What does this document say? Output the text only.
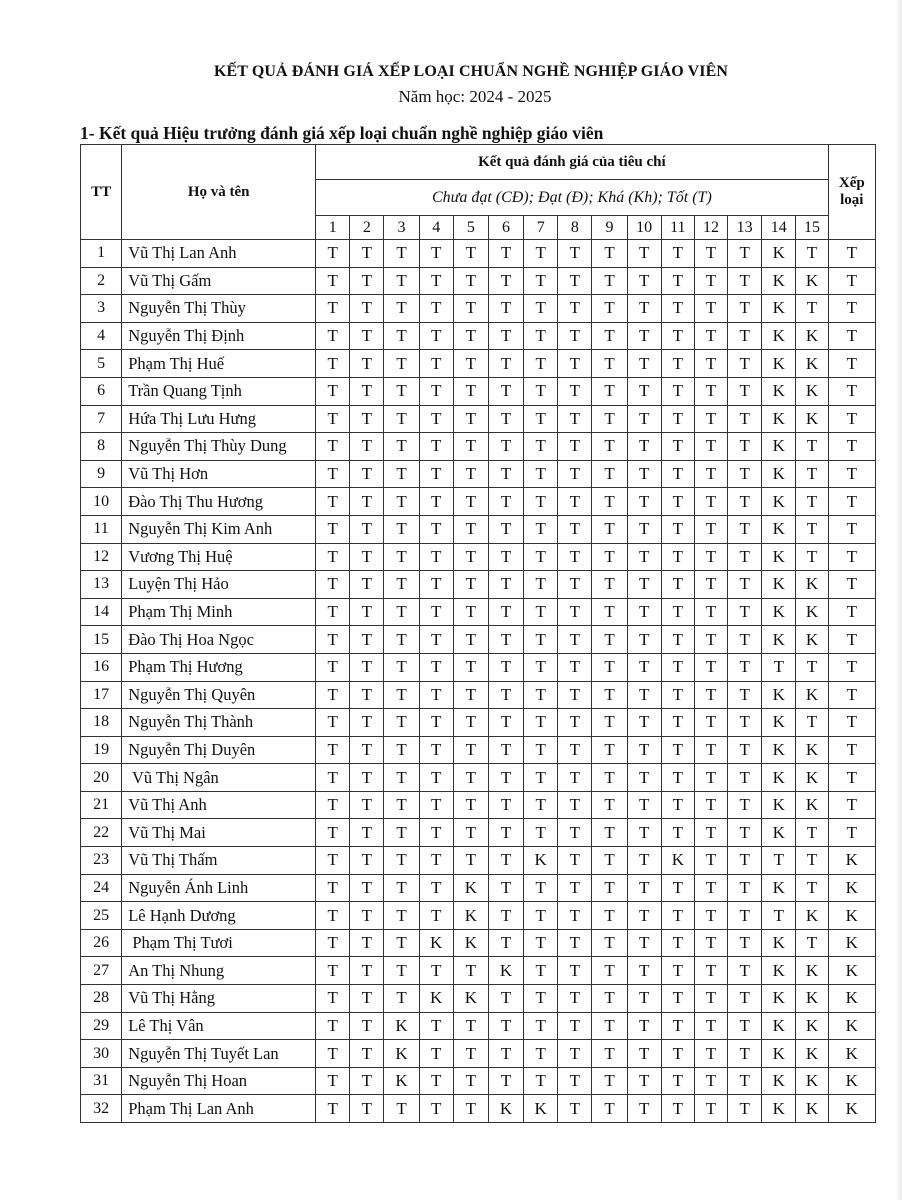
KẾT QUẢ ĐÁNH GIÁ XẾP LOẠI CHUẨN NGHỀ NGHIỆP GIÁO VIÊN
Năm học: 2024 - 2025
1- Kết quả Hiệu trưởng đánh giá xếp loại chuẩn nghề nghiệp giáo viên
TT	Họ và tên	Kết quả đánh giá của tiêu chí															Xếp
loại
		Chưa đạt (CĐ); Đạt (Đ); Khá (Kh); Tốt (T)															
		1	2	3	4	5	6	7	8	9	10	11	12	13	14	15	
1	Vũ Thị Lan Anh	T	T	T	T	T	T	T	T	T	T	T	T	T	K	T	T
2	Vũ Thị Gấm	T	T	T	T	T	T	T	T	T	T	T	T	T	K	K	T
3	Nguyễn Thị Thùy	T	T	T	T	T	T	T	T	T	T	T	T	T	K	T	T
4	Nguyễn Thị Định	T	T	T	T	T	T	T	T	T	T	T	T	T	K	K	T
5	Phạm Thị Huế	T	T	T	T	T	T	T	T	T	T	T	T	T	K	K	T
6	Trần Quang Tịnh	T	T	T	T	T	T	T	T	T	T	T	T	T	K	K	T
7	Hứa Thị Lưu Hưng	T	T	T	T	T	T	T	T	T	T	T	T	T	K	K	T
8	Nguyễn Thị Thùy Dung	T	T	T	T	T	T	T	T	T	T	T	T	T	K	T	T
9	Vũ Thị Hơn	T	T	T	T	T	T	T	T	T	T	T	T	T	K	T	T
10	Đào Thị Thu Hương	T	T	T	T	T	T	T	T	T	T	T	T	T	K	T	T
11	Nguyễn Thị Kim Anh	T	T	T	T	T	T	T	T	T	T	T	T	T	K	T	T
12	Vương Thị Huệ	T	T	T	T	T	T	T	T	T	T	T	T	T	K	T	T
13	Luyện Thị Hảo	T	T	T	T	T	T	T	T	T	T	T	T	T	K	K	T
14	Phạm Thị Minh	T	T	T	T	T	T	T	T	T	T	T	T	T	K	K	T
15	Đào Thị Hoa Ngọc	T	T	T	T	T	T	T	T	T	T	T	T	T	K	K	T
16	Phạm Thị Hương	T	T	T	T	T	T	T	T	T	T	T	T	T	T	T	T
17	Nguyễn Thị Quyên	T	T	T	T	T	T	T	T	T	T	T	T	T	K	K	T
18	Nguyễn Thị Thành	T	T	T	T	T	T	T	T	T	T	T	T	T	K	T	T
19	Nguyễn Thị Duyên	T	T	T	T	T	T	T	T	T	T	T	T	T	K	K	T
20	Vũ Thị Ngân	T	T	T	T	T	T	T	T	T	T	T	T	T	K	K	T
21	Vũ Thị Anh	T	T	T	T	T	T	T	T	T	T	T	T	T	K	K	T
22	Vũ Thị Mai	T	T	T	T	T	T	T	T	T	T	T	T	T	K	T	T
23	Vũ Thị Thấm	T	T	T	T	T	T	K	T	T	T	K	T	T	T	T	K
24	Nguyễn Ánh Linh	T	T	T	T	K	T	T	T	T	T	T	T	T	K	T	K
25	Lê Hạnh Dương	T	T	T	T	K	T	T	T	T	T	T	T	T	T	K	K
26	Phạm Thị Tươi	T	T	T	K	K	T	T	T	T	T	T	T	T	K	T	K
27	An Thị Nhung	T	T	T	T	T	K	T	T	T	T	T	T	T	K	K	K
28	Vũ Thị Hằng	T	T	T	K	K	T	T	T	T	T	T	T	T	K	K	K
29	Lê Thị Vân	T	T	K	T	T	T	T	T	T	T	T	T	T	K	K	K
30	Nguyễn Thị Tuyết Lan	T	T	K	T	T	T	T	T	T	T	T	T	T	K	K	K
31	Nguyễn Thị Hoan	T	T	K	T	T	T	T	T	T	T	T	T	T	K	K	K
32	Phạm Thị Lan Anh	T	T	T	T	T	K	K	T	T	T	T	T	T	K	K	K
